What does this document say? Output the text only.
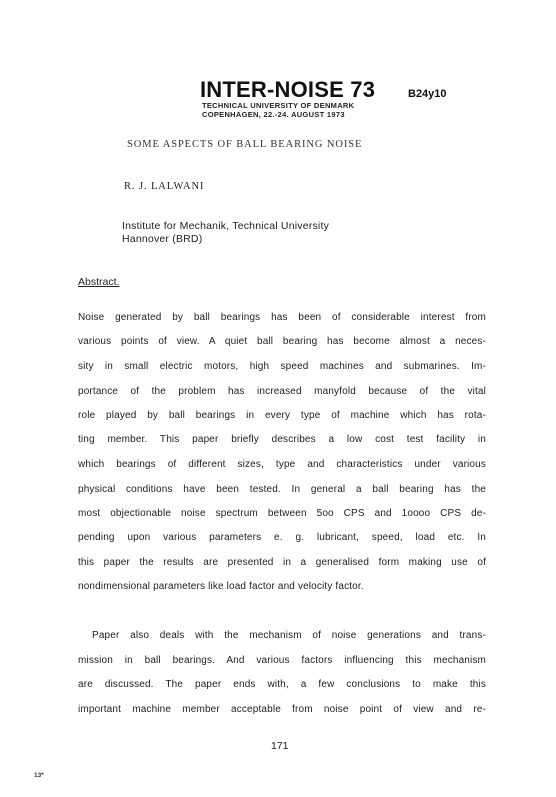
INTER-NOISE 73	B24y10
TECHNICAL UNIVERSITY OF DENMARK
COPENHAGEN, 22.-24. AUGUST 1973
SOME ASPECTS OF BALL BEARING NOISE
R. J. LALWANI
Institute for Mechanik, Technical University
Hannover (BRD)
Abstract.
Noise generated by ball bearings has been of considerable interest from
various points of view. A quiet ball bearing has become almost a neces-
sity in small electric motors, high speed machines and submarines. Im-
portance of the problem has increased manyfold because of the vital
role played by ball bearings in every type of machine which has rota-
ting member. This paper briefly describes a low cost test facility in
which bearings of different sizes, type and characteristics under various
physical conditions have been tested. In general a ball bearing has the
most objectionable noise spectrum between 5oo CPS and 1oooo CPS de-
pending upon various parameters e. g. lubricant, speed, load etc. In
this paper the results are presented in a generalised form making use of
nondimensional parameters like load factor and velocity factor.
Paper also deals with the mechanism of noise generations and trans-
mission in ball bearings. And various factors influencing this mechanism
are discussed. The paper ends with, a few conclusions to make this
important machine member acceptable from noise point of view and re-
171
13*
